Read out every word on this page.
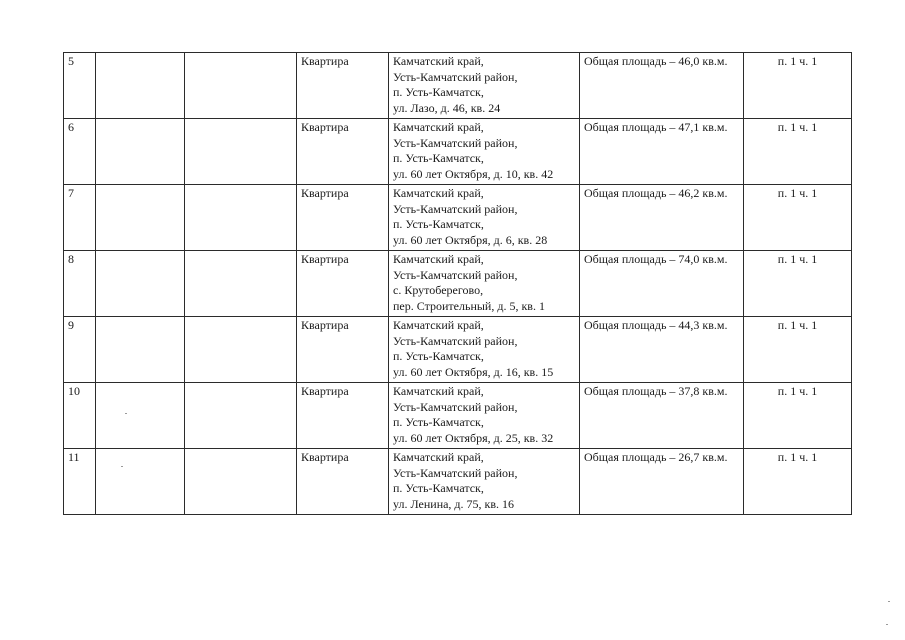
5			Квартира	Камчатский край,
Усть-Камчатский район,
п. Усть-Камчатск,
ул. Лазо, д. 46, кв. 24	Общая площадь – 46,0 кв.м.	п. 1 ч. 1
6			Квартира	Камчатский край,
Усть-Камчатский район,
п. Усть-Камчатск,
ул. 60 лет Октября, д. 10, кв. 42	Общая площадь – 47,1 кв.м.	п. 1 ч. 1
7			Квартира	Камчатский край,
Усть-Камчатский район,
п. Усть-Камчатск,
ул. 60 лет Октября, д. 6, кв. 28	Общая площадь – 46,2 кв.м.	п. 1 ч. 1
8			Квартира	Камчатский край,
Усть-Камчатский район,
с. Крутоберегово,
пер. Строительный, д. 5, кв. 1	Общая площадь – 74,0 кв.м.	п. 1 ч. 1
9			Квартира	Камчатский край,
Усть-Камчатский район,
п. Усть-Камчатск,
ул. 60 лет Октября, д. 16, кв. 15	Общая площадь – 44,3 кв.м.	п. 1 ч. 1
10			Квартира	Камчатский край,
Усть-Камчатский район,
п. Усть-Камчатск,
ул. 60 лет Октября, д. 25, кв. 32	Общая площадь – 37,8 кв.м.	п. 1 ч. 1
11			Квартира	Камчатский край,
Усть-Камчатский район,
п. Усть-Камчатск,
ул. Ленина, д. 75, кв. 16	Общая площадь – 26,7 кв.м.	п. 1 ч. 1
